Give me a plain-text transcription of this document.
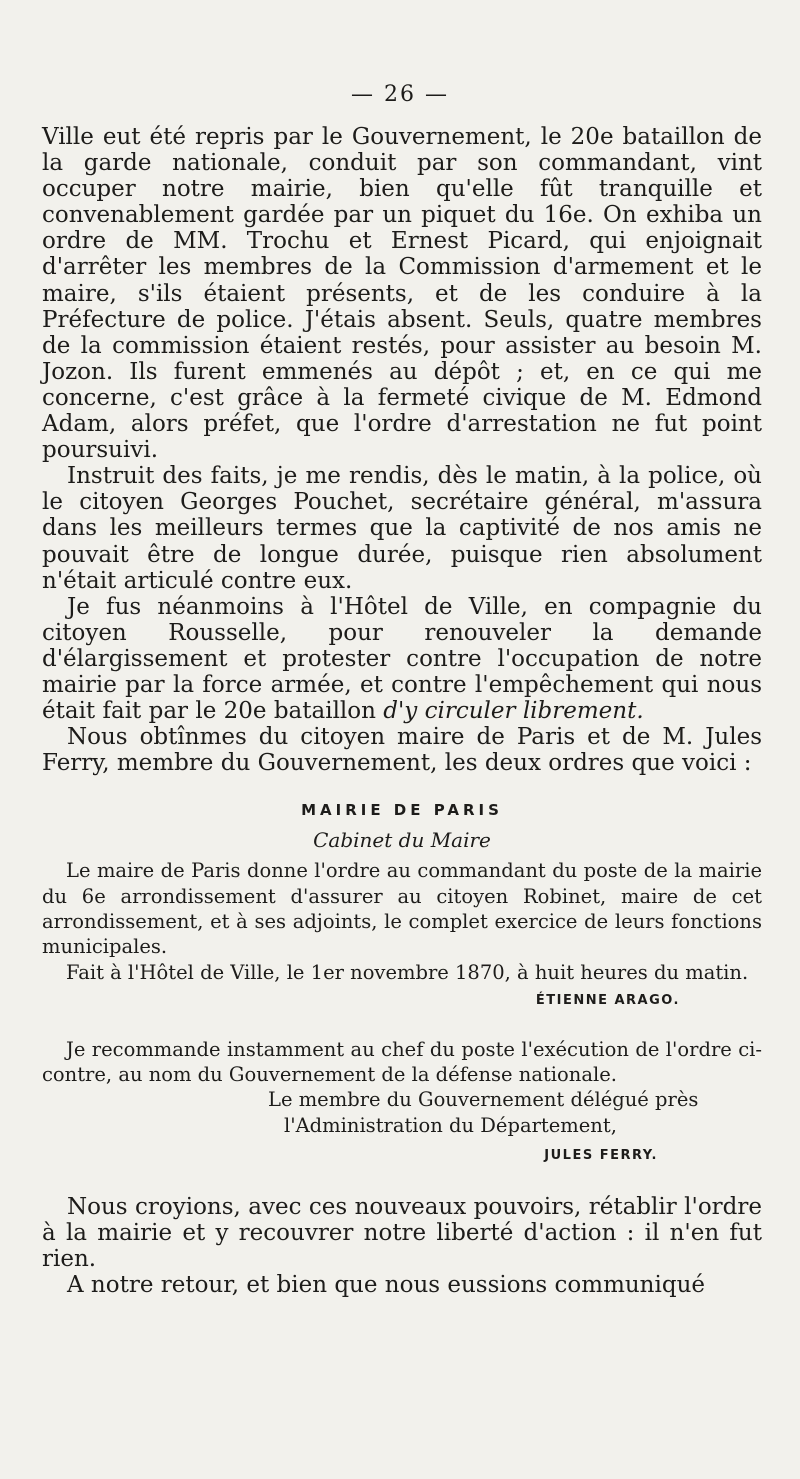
— 26 —

Ville eut été repris par le Gouvernement, le 20e bataillon de la garde nationale, conduit par son commandant, vint occuper notre mairie, bien qu'elle fût tranquille et convenablement gardée par un piquet du 16e. On exhiba un ordre de MM. Trochu et Ernest Picard, qui enjoignait d'arrêter les membres de la Commission d'armement et le maire, s'ils étaient présents, et de les conduire à la Préfecture de police. J'étais absent. Seuls, quatre membres de la commission étaient restés, pour assister au besoin M. Jozon. Ils furent emmenés au dépôt ; et, en ce qui me concerne, c'est grâce à la fermeté civique de M. Edmond Adam, alors préfet, que l'ordre d'arrestation ne fut point poursuivi.

Instruit des faits, je me rendis, dès le matin, à la police, où le citoyen Georges Pouchet, secrétaire général, m'assura dans les meilleurs termes que la captivité de nos amis ne pouvait être de longue durée, puisque rien absolument n'était articulé contre eux.

Je fus néanmoins à l'Hôtel de Ville, en compagnie du citoyen Rousselle, pour renouveler la demande d'élargissement et protester contre l'occupation de notre mairie par la force armée, et contre l'empêchement qui nous était fait par le 20e bataillon d'y circuler librement.

Nous obtînmes du citoyen maire de Paris et de M. Jules Ferry, membre du Gouvernement, les deux ordres que voici :

MAIRIE DE PARIS
Cabinet du Maire

Le maire de Paris donne l'ordre au commandant du poste de la mairie du 6e arrondissement d'assurer au citoyen Robinet, maire de cet arrondissement, et à ses adjoints, le complet exercice de leurs fonctions municipales.

Fait à l'Hôtel de Ville, le 1er novembre 1870, à huit heures du matin.

ÉTIENNE ARAGO.

Je recommande instamment au chef du poste l'exécution de l'ordre ci-contre, au nom du Gouvernement de la défense nationale.

Le membre du Gouvernement délégué près
l'Administration du Département,
JULES FERRY.

Nous croyions, avec ces nouveaux pouvoirs, rétablir l'ordre à la mairie et y recouvrer notre liberté d'action : il n'en fut rien.

A notre retour, et bien que nous eussions communiqué
